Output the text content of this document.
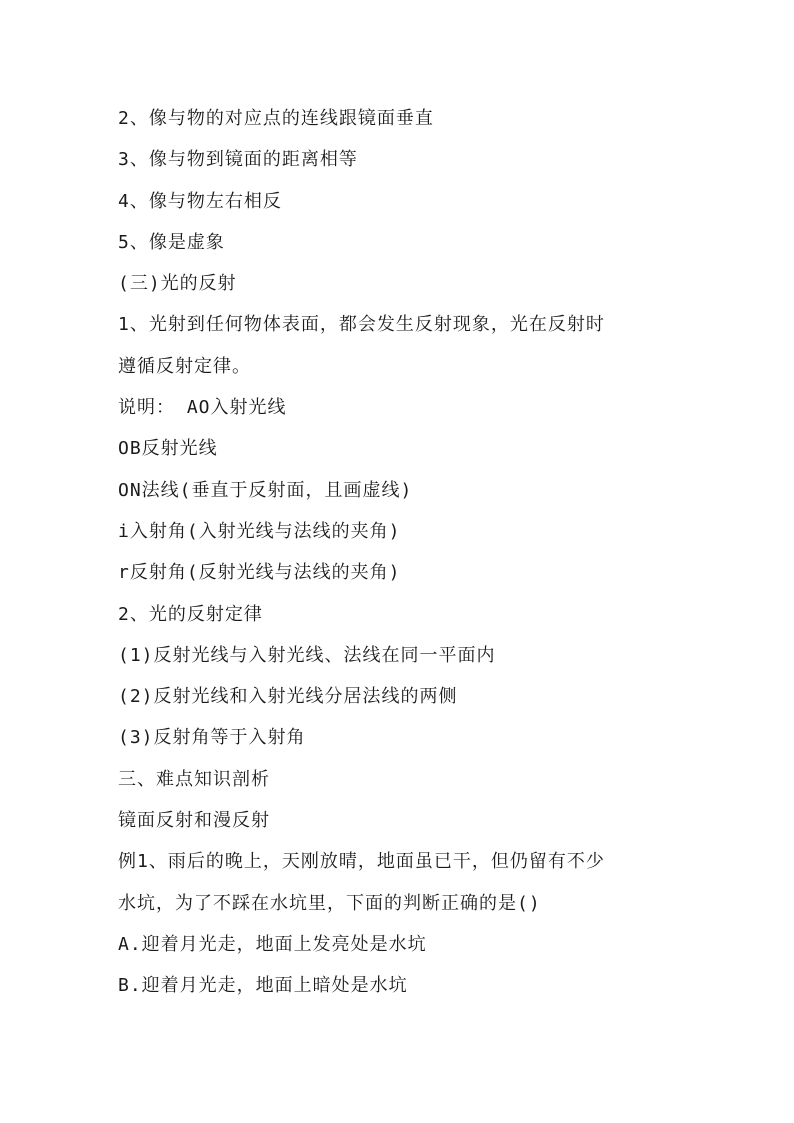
2、像与物的对应点的连线跟镜面垂直
3、像与物到镜面的距离相等
4、像与物左右相反
5、像是虚象
(三)光的反射
1、光射到任何物体表面，都会发生反射现象，光在反射时
遵循反射定律。
说明： AO入射光线
OB反射光线
ON法线(垂直于反射面，且画虚线)
i入射角(入射光线与法线的夹角)
r反射角(反射光线与法线的夹角)
2、光的反射定律
(1)反射光线与入射光线、法线在同一平面内
(2)反射光线和入射光线分居法线的两侧
(3)反射角等于入射角
三、难点知识剖析
镜面反射和漫反射
例1、雨后的晚上，天刚放晴，地面虽已干，但仍留有不少
水坑，为了不踩在水坑里，下面的判断正确的是()
A.迎着月光走，地面上发亮处是水坑
B.迎着月光走，地面上暗处是水坑
